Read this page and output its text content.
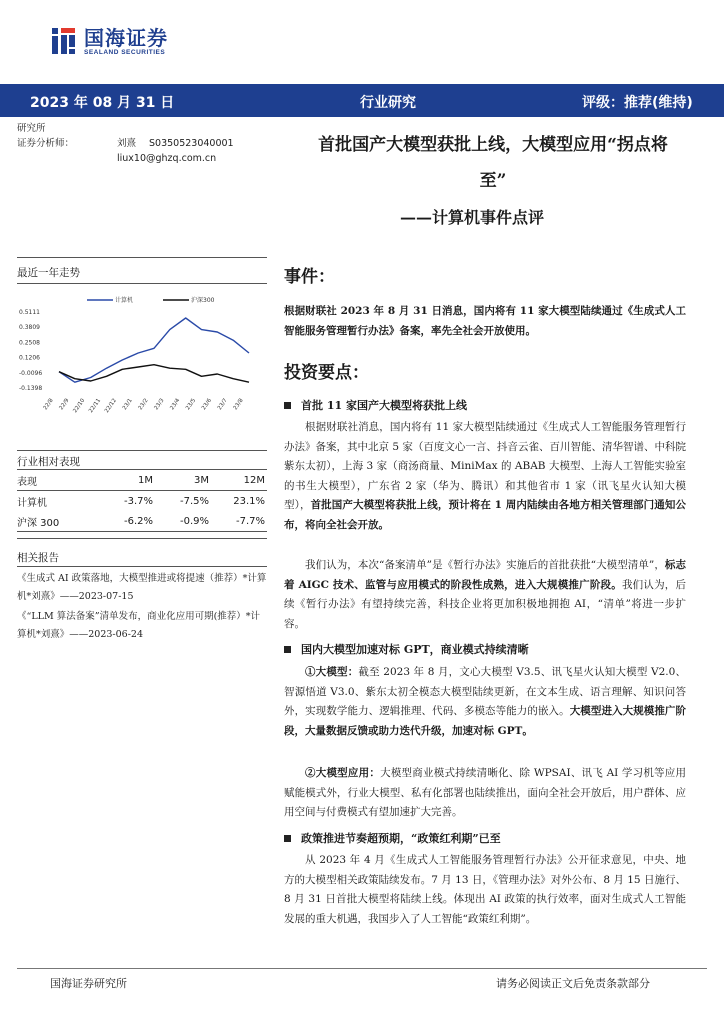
国海证券
SEALAND SECURITIES
2023 年 08 月 31 日	行业研究	评级：推荐(维持)
研究所
证券分析师：	刘熹 S0350523040001
liux10@ghzq.com.cn
首批国产大模型获批上线，大模型应用“拐点将
至”
——计算机事件点评
最近一年走势
计算机	沪深300
0.5111
0.3809
0.2508
0.1206
-0.0096
-0.1398
22/8 22/9 22/10 22/11 22/12 23/1 23/2 23/3 23/4 23/5 23/6 23/7 23/8
行业相对表现
表现	1M	3M	12M
计算机	-3.7%	-7.5%	23.1%
沪深 300	-6.2%	-0.9%	-7.7%
相关报告
《生成式 AI 政策落地，大模型推进或将提速（推荐）*计算机*刘熹》——2023-07-15
《“LLM 算法备案”清单发布，商业化应用可期(推荐）*计算机*刘熹》——2023-06-24
事件：
根据财联社 2023 年 8 月 31 日消息，国内将有 11 家大模型陆续通过《生成式人工智能服务管理暂行办法》备案，率先全社会开放使用。
投资要点：
首批 11 家国产大模型将获批上线
根据财联社消息，国内将有 11 家大模型陆续通过《生成式人工智能服务管理暂行办法》备案，其中北京 5 家（百度文心一言、抖音云雀、百川智能、清华智谱、中科院紫东太初），上海 3 家（商汤商量、MiniMax 的 ABAB 大模型、上海人工智能实验室的书生大模型），广东省 2 家（华为、腾讯）和其他省市 1 家（讯飞星火认知大模型），首批国产大模型将获批上线，预计将在 1 周内陆续由各地方相关管理部门通知公布，将向全社会开放。
我们认为，本次“备案清单”是《暂行办法》实施后的首批获批“大模型清单”，标志着 AIGC 技术、监管与应用模式的阶段性成熟，进入大规模推广阶段。我们认为，后续《暂行办法》有望持续完善，科技企业将更加积极地拥抱 AI，“清单”将进一步扩容。
国内大模型加速对标 GPT，商业模式持续清晰
①大模型：截至 2023 年 8 月，文心大模型 V3.5、讯飞星火认知大模型 V2.0、智源悟道 V3.0、紫东太初全模态大模型陆续更新，在文本生成、语言理解、知识问答外，实现数学能力、逻辑推理、代码、多模态等能力的嵌入。大模型进入大规模推广阶段，大量数据反馈或助力迭代升级，加速对标 GPT。
②大模型应用：大模型商业模式持续清晰化、除 WPSAI、讯飞 AI 学习机等应用赋能模式外，行业大模型、私有化部署也陆续推出，面向全社会开放后，用户群体、应用空间与付费模式有望加速扩大完善。
政策推进节奏超预期，“政策红利期”已至
从 2023 年 4 月《生成式人工智能服务管理暂行办法》公开征求意见，中央、地方的大模型相关政策陆续发布。7 月 13 日，《管理办法》对外公布、8 月 15 日施行、8 月 31 日首批大模型将陆续上线。体现出 AI 政策的执行效率，面对生成式人工智能发展的重大机遇，我国步入了人工智能“政策红利期”。
国海证券研究所	请务必阅读正文后免责条款部分
